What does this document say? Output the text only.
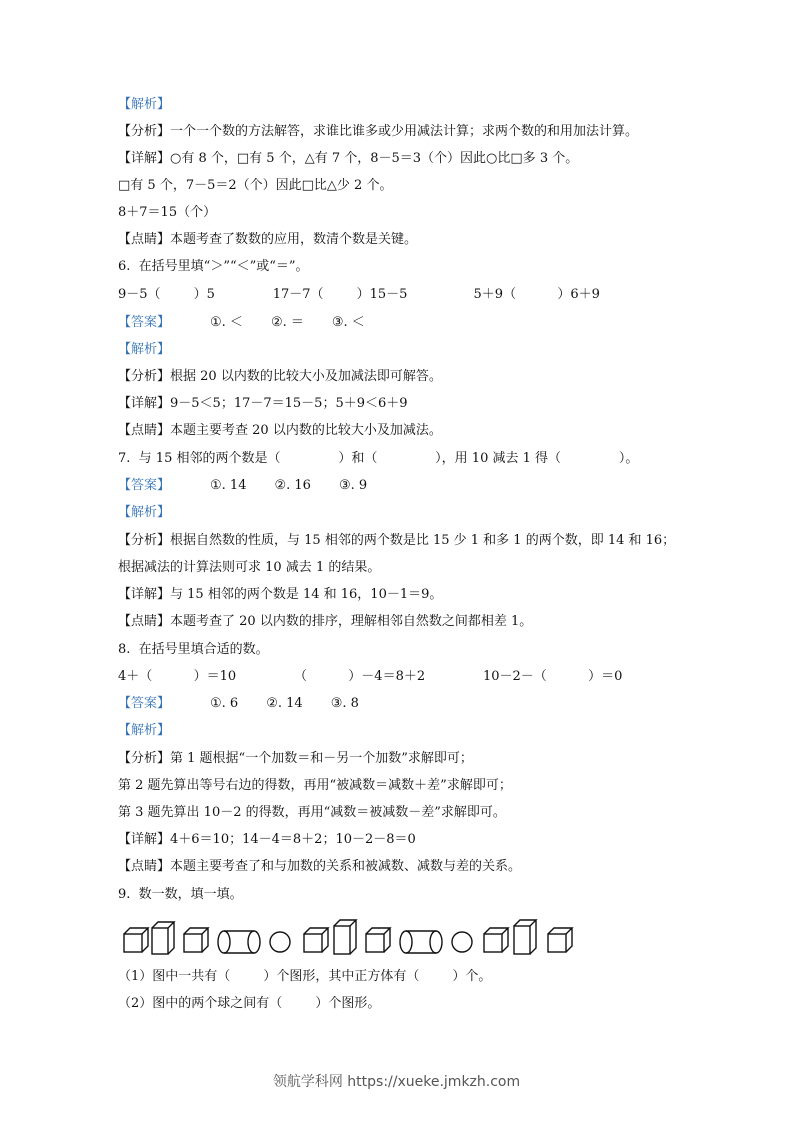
【解析】
【分析】一个一个数的方法解答，求谁比谁多或少用减法计算；求两个数的和用加法计算。
【详解】○有 8 个，□有 5 个，△有 7 个，8－5＝3（个）因此○比□多 3 个。
□有 5 个，7－5＝2（个）因此□比△少 2 个。
8＋7＝15（个）
【点睛】本题考查了数数的应用，数清个数是关键。
6.  在括号里填“＞”“＜”或“＝”。
9－5（        ）5              17－7（        ）15－5                5＋9（          ）6＋9
【答案】	①. ＜ ②. ＝ ③. ＜
【解析】
【分析】根据 20 以内数的比较大小及加减法即可解答。
【详解】9－5＜5；17－7＝15－5；5＋9＜6＋9
【点睛】本题主要考查 20 以内数的比较大小及加减法。
7.  与 15 相邻的两个数是（              ）和（              ），用 10 减去 1 得（              ）。
【答案】	①. 14 ②. 16 ③. 9
【解析】
【分析】根据自然数的性质，与 15 相邻的两个数是比 15 少 1 和多 1 的两个数，即 14 和 16；
根据减法的计算法则可求 10 减去 1 的结果。
【详解】与 15 相邻的两个数是 14 和 16，10－1＝9。
【点睛】本题考查了 20 以内数的排序，理解相邻自然数之间都相差 1。
8.  在括号里填合适的数。
4＋（          ）＝10              （          ）－4＝8＋2              10－2－（          ）＝0
【答案】	①. 6 ②. 14 ③. 8
【解析】
【分析】第 1 题根据“一个加数＝和－另一个加数”求解即可；
第 2 题先算出等号右边的得数，再用“被减数＝减数＋差”求解即可；
第 3 题先算出 10－2 的得数，再用“减数＝被减数－差”求解即可。
【详解】4＋6＝10；14－4＝8＋2；10－2－8＝0
【点睛】本题主要考查了和与加数的关系和被减数、减数与差的关系。
9.  数一数，填一填。
（1）图中一共有（        ）个图形，其中正方体有（        ）个。
（2）图中的两个球之间有（        ）个图形。
领航学科网 https://xueke.jmkzh.com
